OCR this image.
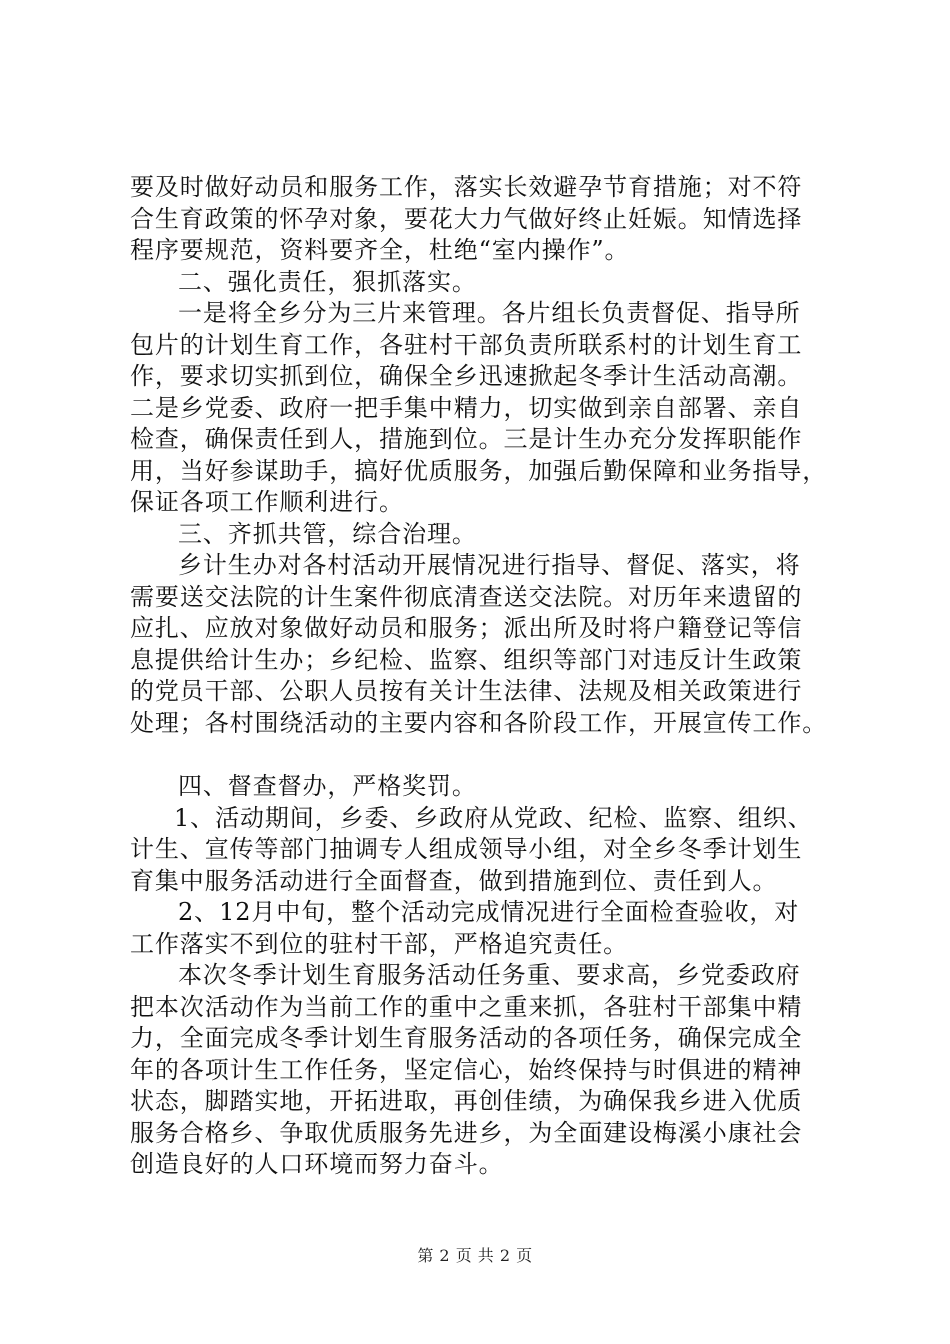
要及时做好动员和服务工作，落实长效避孕节育措施；对不符
合生育政策的怀孕对象，要花大力气做好终止妊娠。知情选择
程序要规范，资料要齐全，杜绝“室内操作”。
二、强化责任，狠抓落实。
一是将全乡分为三片来管理。各片组长负责督促、指导所
包片的计划生育工作，各驻村干部负责所联系村的计划生育工
作，要求切实抓到位，确保全乡迅速掀起冬季计生活动高潮。
二是乡党委、政府一把手集中精力，切实做到亲自部署、亲自
检查，确保责任到人，措施到位。三是计生办充分发挥职能作
用，当好参谋助手，搞好优质服务，加强后勤保障和业务指导，
保证各项工作顺利进行。
三、齐抓共管，综合治理。
乡计生办对各村活动开展情况进行指导、督促、落实，将
需要送交法院的计生案件彻底清查送交法院。对历年来遗留的
应扎、应放对象做好动员和服务；派出所及时将户籍登记等信
息提供给计生办；乡纪检、监察、组织等部门对违反计生政策
的党员干部、公职人员按有关计生法律、法规及相关政策进行
处理；各村围绕活动的主要内容和各阶段工作，开展宣传工作。
四、督查督办，严格奖罚。
1、活动期间，乡委、乡政府从党政、纪检、监察、组织、
计生、宣传等部门抽调专人组成领导小组，对全乡冬季计划生
育集中服务活动进行全面督查，做到措施到位、责任到人。
2、12月中旬，整个活动完成情况进行全面检查验收，对
工作落实不到位的驻村干部，严格追究责任。
本次冬季计划生育服务活动任务重、要求高，乡党委政府
把本次活动作为当前工作的重中之重来抓，各驻村干部集中精
力，全面完成冬季计划生育服务活动的各项任务，确保完成全
年的各项计生工作任务，坚定信心，始终保持与时俱进的精神
状态，脚踏实地，开拓进取，再创佳绩，为确保我乡进入优质
服务合格乡、争取优质服务先进乡，为全面建设梅溪小康社会
创造良好的人口环境而努力奋斗。
第 2 页 共 2 页
